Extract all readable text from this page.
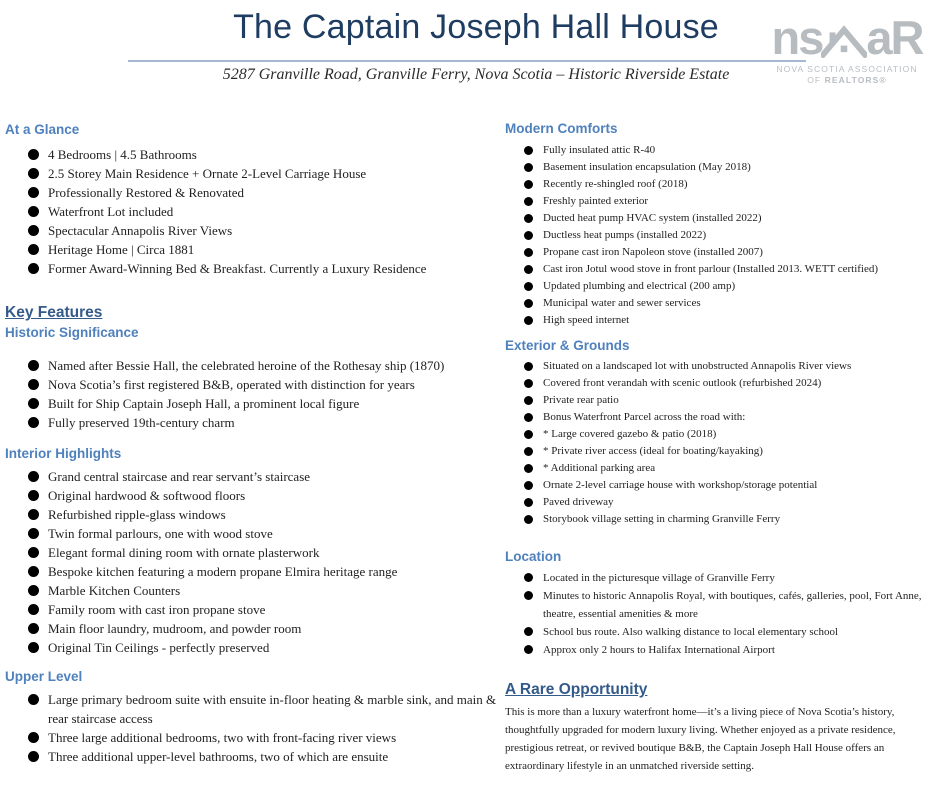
The Captain Joseph Hall House
5287 Granville Road, Granville Ferry, Nova Scotia – Historic Riverside Estate
ns aR
NOVA SCOTIA ASSOCIATION
OF REALTORS®
At a Glance
4 Bedrooms | 4.5 Bathrooms
2.5 Storey Main Residence + Ornate 2-Level Carriage House
Professionally Restored & Renovated
Waterfront Lot included
Spectacular Annapolis River Views
Heritage Home | Circa 1881
Former Award-Winning Bed & Breakfast. Currently a Luxury Residence
Key Features
Historic Significance
Named after Bessie Hall, the celebrated heroine of the Rothesay ship (1870)
Nova Scotia’s first registered B&B, operated with distinction for years
Built for Ship Captain Joseph Hall, a prominent local figure
Fully preserved 19th-century charm
Interior Highlights
Grand central staircase and rear servant’s staircase
Original hardwood & softwood floors
Refurbished ripple-glass windows
Twin formal parlours, one with wood stove
Elegant formal dining room with ornate plasterwork
Bespoke kitchen featuring a modern propane Elmira heritage range
Marble Kitchen Counters
Family room with cast iron propane stove
Main floor laundry, mudroom, and powder room
Original Tin Ceilings - perfectly preserved
Upper Level
Large primary bedroom suite with ensuite in-floor heating & marble sink, and main & rear staircase access
Three large additional bedrooms, two with front-facing river views
Three additional upper-level bathrooms, two of which are ensuite
Modern Comforts
Fully insulated attic R-40
Basement insulation encapsulation (May 2018)
Recently re-shingled roof (2018)
Freshly painted exterior
Ducted heat pump HVAC system (installed 2022)
Ductless heat pumps (installed 2022)
Propane cast iron Napoleon stove (installed 2007)
Cast iron Jotul wood stove in front parlour (Installed 2013. WETT certified)
Updated plumbing and electrical (200 amp)
Municipal water and sewer services
High speed internet
Exterior & Grounds
Situated on a landscaped lot with unobstructed Annapolis River views
Covered front verandah with scenic outlook (refurbished 2024)
Private rear patio
Bonus Waterfront Parcel across the road with:
* Large covered gazebo & patio (2018)
* Private river access (ideal for boating/kayaking)
* Additional parking area
Ornate 2-level carriage house with workshop/storage potential
Paved driveway
Storybook village setting in charming Granville Ferry
Location
Located in the picturesque village of Granville Ferry
Minutes to historic Annapolis Royal, with boutiques, cafés, galleries, pool, Fort Anne, theatre, essential amenities & more
School bus route. Also walking distance to local elementary school
Approx only 2 hours to Halifax International Airport
A Rare Opportunity

This is more than a luxury waterfront home—it’s a living piece of Nova Scotia’s history, thoughtfully upgraded for modern luxury living. Whether enjoyed as a private residence, prestigious retreat, or revived boutique B&B, the Captain Joseph Hall House offers an extraordinary lifestyle in an unmatched riverside setting.
